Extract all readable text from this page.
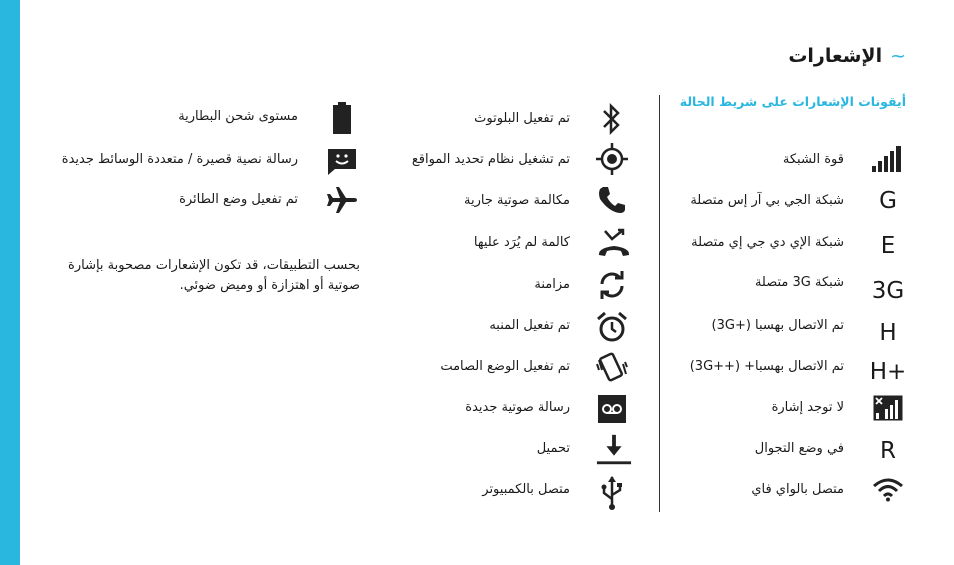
~الإشعارات
أيقونات الإشعارات على شريط الحالة
قوة الشبكة
شبكة الجي بي آر إس متصلة	G
شبكة الإي دي جي إي متصلة	E
شبكة 3G متصلة 3G
تم الاتصال بهسبا (+3G)	H
تم الاتصال بهسبا+ (++3G) H+
لا توجد إشارة
في وضع التجوال	R
متصل بالواي فاي
تم تفعيل البلوتوث
تم تشغيل نظام تحديد المواقع
مكالمة صوتية جارية
كالمة لم يُرَد عليها
مزامنة
تم تفعيل المنبه
تم تفعيل الوضع الصامت
رسالة صوتية جديدة
تحميل
متصل بالكمبيوتر
مستوى شحن البطارية
رسالة نصية قصيرة / متعددة الوسائط جديدة
تم تفعيل وضع الطائرة
بحسب التطبيقات، قد تكون الإشعارات مصحوبة بإشارة صوتية أو اهتزازة أو وميض ضوئي.
